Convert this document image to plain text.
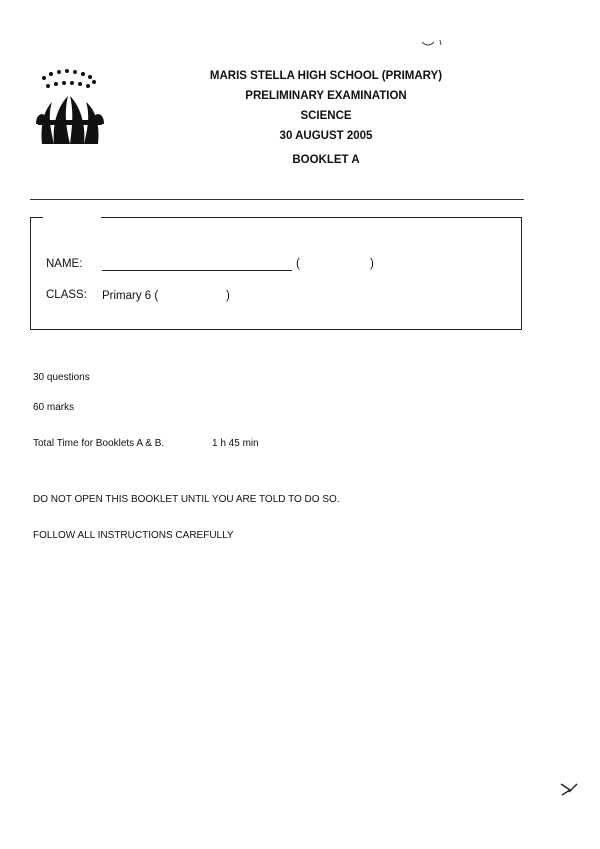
MARIS STELLA HIGH SCHOOL (PRIMARY)
PRELIMINARY EXAMINATION
SCIENCE
30 AUGUST 2005
BOOKLET A
NAME:	(	)
CLASS: Primary 6 (	)
30 questions
60 marks
Total Time for Booklets A & B.	1 h 45 min
DO NOT OPEN THIS BOOKLET UNTIL YOU ARE TOLD TO DO SO.
FOLLOW ALL INSTRUCTIONS CAREFULLY
